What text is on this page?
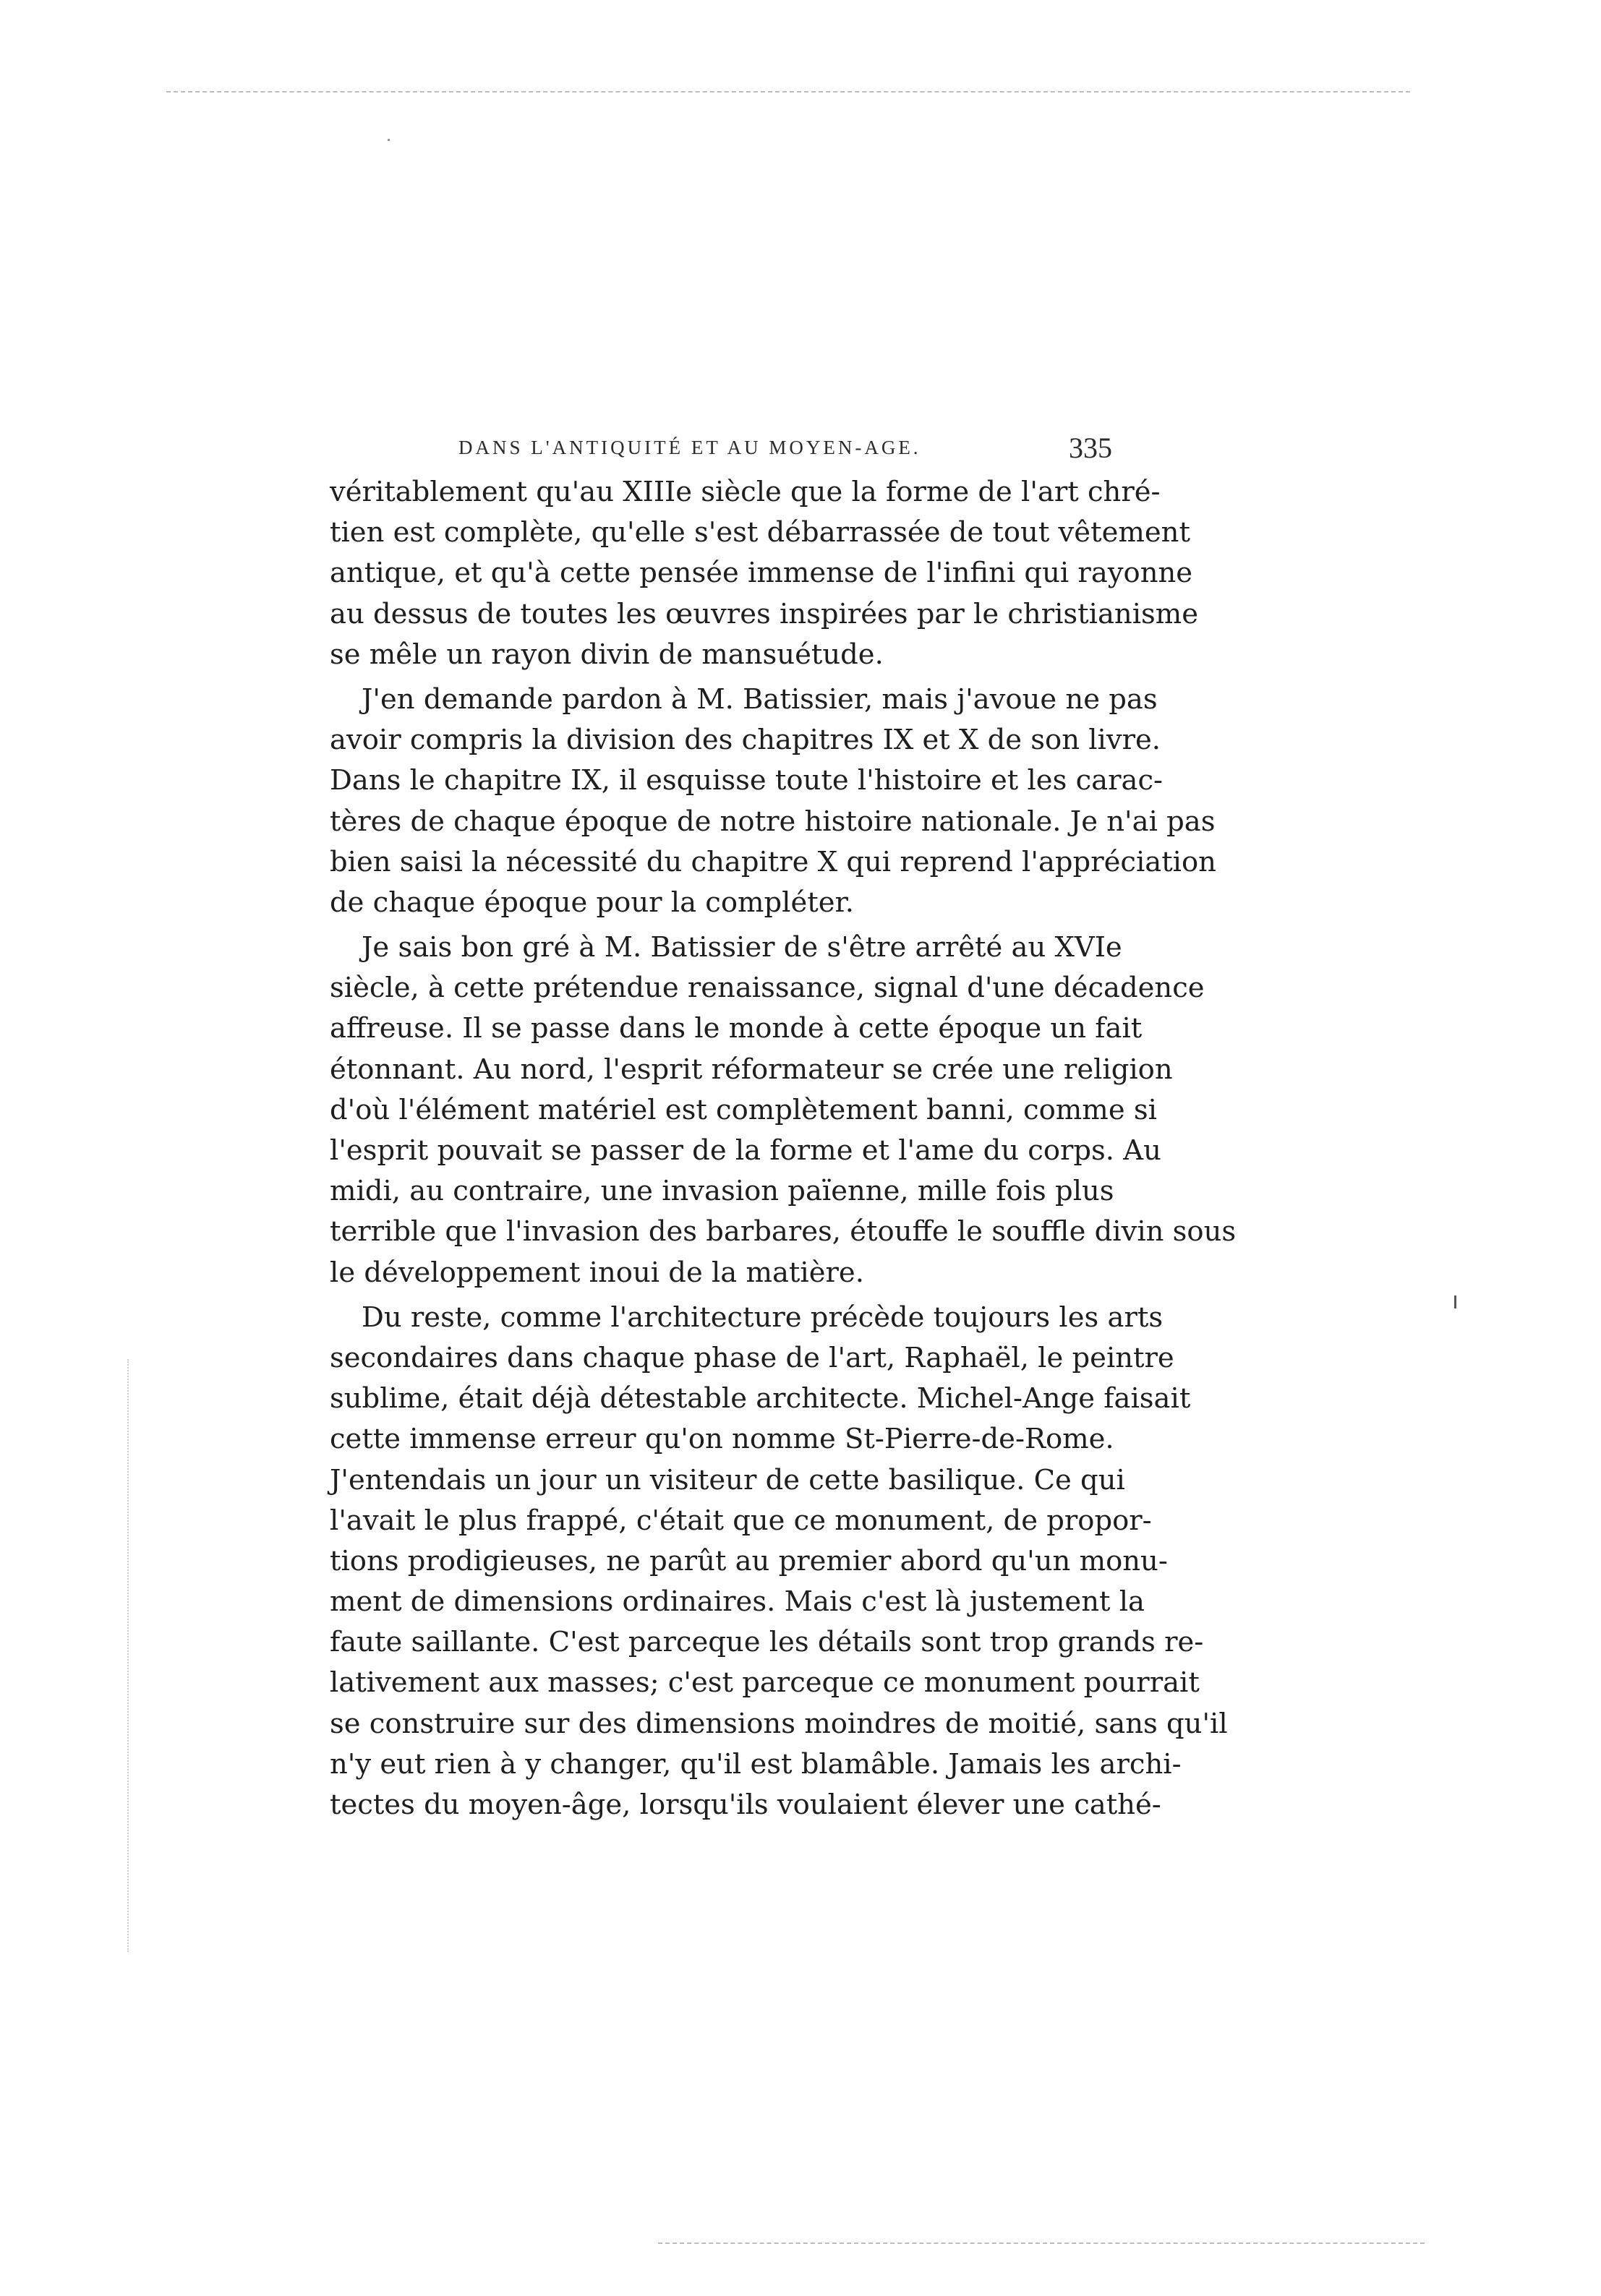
DANS L'ANTIQUITÉ ET AU MOYEN-AGE.	335
véritablement qu'au XIIIe siècle que la forme de l'art chré-
tien est complète, qu'elle s'est débarrassée de tout vêtement
antique, et qu'à cette pensée immense de l'infini qui rayonne
au dessus de toutes les œuvres inspirées par le christianisme
se mêle un rayon divin de mansuétude.
J'en demande pardon à M. Batissier, mais j'avoue ne pas
avoir compris la division des chapitres IX et X de son livre.
Dans le chapitre IX, il esquisse toute l'histoire et les carac-
tères de chaque époque de notre histoire nationale. Je n'ai pas
bien saisi la nécessité du chapitre X qui reprend l'appréciation
de chaque époque pour la compléter.
Je sais bon gré à M. Batissier de s'être arrêté au XVIe
siècle, à cette prétendue renaissance, signal d'une décadence
affreuse. Il se passe dans le monde à cette époque un fait
étonnant. Au nord, l'esprit réformateur se crée une religion
d'où l'élément matériel est complètement banni, comme si
l'esprit pouvait se passer de la forme et l'ame du corps. Au
midi, au contraire, une invasion païenne, mille fois plus
terrible que l'invasion des barbares, étouffe le souffle divin sous
le développement inoui de la matière.
Du reste, comme l'architecture précède toujours les arts
secondaires dans chaque phase de l'art, Raphaël, le peintre
sublime, était déjà détestable architecte. Michel-Ange faisait
cette immense erreur qu'on nomme St-Pierre-de-Rome.
J'entendais un jour un visiteur de cette basilique. Ce qui
l'avait le plus frappé, c'était que ce monument, de propor-
tions prodigieuses, ne parût au premier abord qu'un monu-
ment de dimensions ordinaires. Mais c'est là justement la
faute saillante. C'est parceque les détails sont trop grands re-
lativement aux masses; c'est parceque ce monument pourrait
se construire sur des dimensions moindres de moitié, sans qu'il
n'y eut rien à y changer, qu'il est blamâble. Jamais les archi-
tectes du moyen-âge, lorsqu'ils voulaient élever une cathé-
